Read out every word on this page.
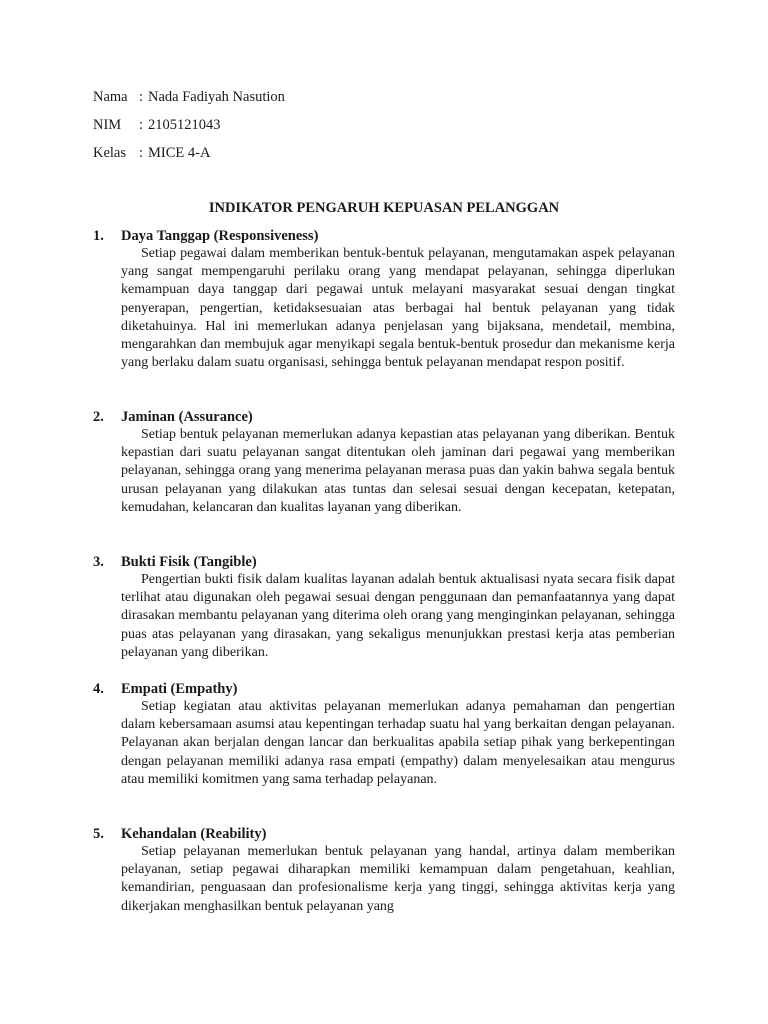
Nama : Nada Fadiyah Nasution
NIM : 2105121043
Kelas : MICE 4-A
INDIKATOR PENGARUH KEPUASAN PELANGGAN
1. Daya Tanggap (Responsiveness)

Setiap pegawai dalam memberikan bentuk-bentuk pelayanan, mengutamakan aspek pelayanan yang sangat mempengaruhi perilaku orang yang mendapat pelayanan, sehingga diperlukan kemampuan daya tanggap dari pegawai untuk melayani masyarakat sesuai dengan tingkat penyerapan, pengertian, ketidaksesuaian atas berbagai hal bentuk pelayanan yang tidak diketahuinya. Hal ini memerlukan adanya penjelasan yang bijaksana, mendetail, membina, mengarahkan dan membujuk agar menyikapi segala bentuk-bentuk prosedur dan mekanisme kerja yang berlaku dalam suatu organisasi, sehingga bentuk pelayanan mendapat respon positif.

2. Jaminan (Assurance)

Setiap bentuk pelayanan memerlukan adanya kepastian atas pelayanan yang diberikan. Bentuk kepastian dari suatu pelayanan sangat ditentukan oleh jaminan dari pegawai yang memberikan pelayanan, sehingga orang yang menerima pelayanan merasa puas dan yakin bahwa segala bentuk urusan pelayanan yang dilakukan atas tuntas dan selesai sesuai dengan kecepatan, ketepatan, kemudahan, kelancaran dan kualitas layanan yang diberikan.

3. Bukti Fisik (Tangible)

Pengertian bukti fisik dalam kualitas layanan adalah bentuk aktualisasi nyata secara fisik dapat terlihat atau digunakan oleh pegawai sesuai dengan penggunaan dan pemanfaatannya yang dapat dirasakan membantu pelayanan yang diterima oleh orang yang menginginkan pelayanan, sehingga puas atas pelayanan yang dirasakan, yang sekaligus menunjukkan prestasi kerja atas pemberian pelayanan yang diberikan.

4. Empati (Empathy)

Setiap kegiatan atau aktivitas pelayanan memerlukan adanya pemahaman dan pengertian dalam kebersamaan asumsi atau kepentingan terhadap suatu hal yang berkaitan dengan pelayanan. Pelayanan akan berjalan dengan lancar dan berkualitas apabila setiap pihak yang berkepentingan dengan pelayanan memiliki adanya rasa empati (empathy) dalam menyelesaikan atau mengurus atau memiliki komitmen yang sama terhadap pelayanan.

5. Kehandalan (Reability)

Setiap pelayanan memerlukan bentuk pelayanan yang handal, artinya dalam memberikan pelayanan, setiap pegawai diharapkan memiliki kemampuan dalam pengetahuan, keahlian, kemandirian, penguasaan dan profesionalisme kerja yang tinggi, sehingga aktivitas kerja yang dikerjakan menghasilkan bentuk pelayanan yang
